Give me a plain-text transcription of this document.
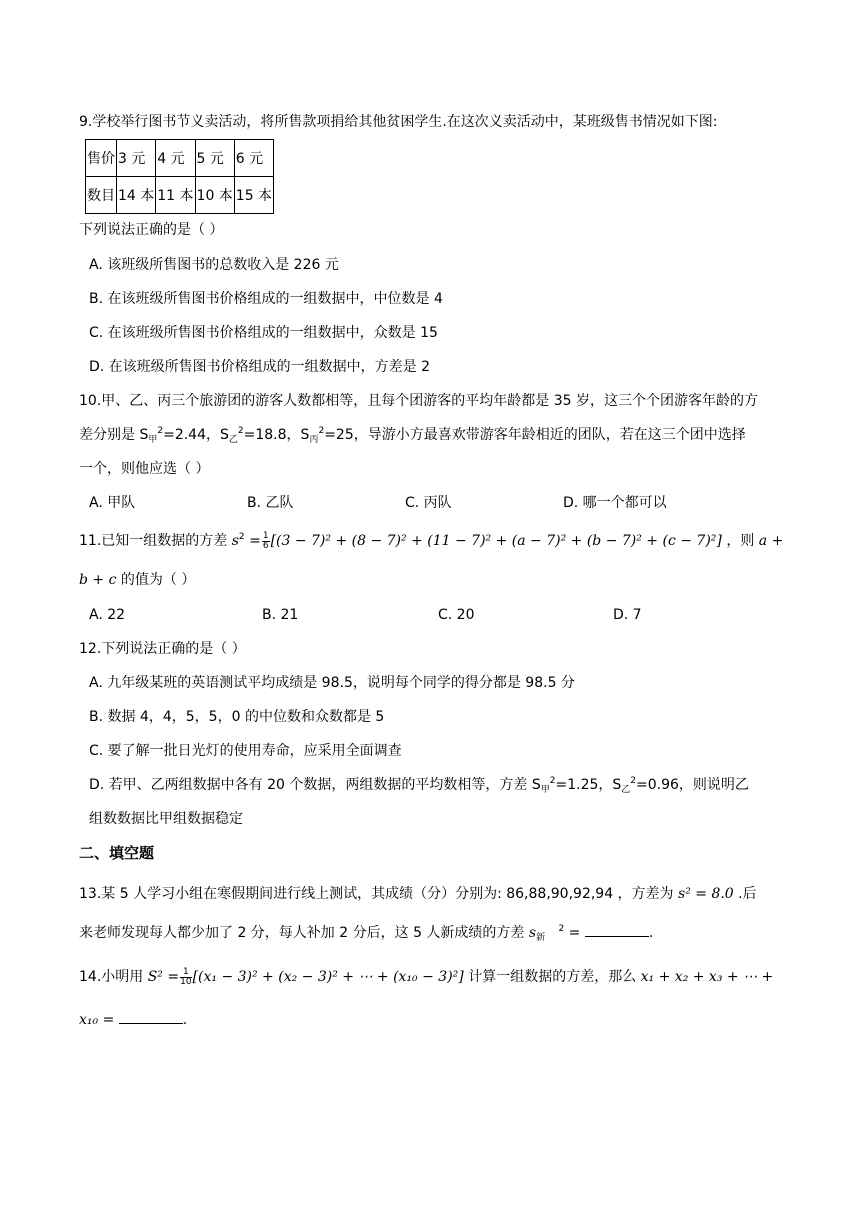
9.学校举行图书节义卖活动，将所售款项捐给其他贫困学生.在这次义卖活动中，某班级售书情况如下图:
售价	3 元	4 元	5 元	6 元
数目	14 本	11 本	10 本	15 本
下列说法正确的是（ ）
A. 该班级所售图书的总数收入是 226 元
B. 在该班级所售图书价格组成的一组数据中，中位数是 4
C. 在该班级所售图书价格组成的一组数据中，众数是 15
D. 在该班级所售图书价格组成的一组数据中，方差是 2
10.甲、乙、丙三个旅游团的游客人数都相等，且每个团游客的平均年龄都是 35 岁，这三个个团游客年龄的方
差分别是 $S_甲^2=2.44$，$S_乙^2=18.8$，$S_丙^2=25$，导游小方最喜欢带游客年龄相近的团队，若在这三个团中选择
一个，则他应选（ ）
A. 甲队	B. 乙队	C. 丙队	D. 哪一个都可以
11.已知一组数据的方差 $s^2 = \frac{1}{6} [(3 - 7)^2 + (8 - 7)^2 + (11 - 7)^2 + (a - 7)^2 + (b - 7)^2 + (c - 7)^2]$ ，则 a +
b + c 的值为（ ）
A. 22	B. 21	C. 20	D. 7
12.下列说法正确的是（ ）
A. 九年级某班的英语测试平均成绩是 98.5，说明每个同学的得分都是 98.5 分
B. 数据 4，4，5，5，0 的中位数和众数都是 5
C. 要了解一批日光灯的使用寿命，应采用全面调查
D. 若甲、乙两组数据中各有 20 个数据，两组数据的平均数相等，方差 $S_甲^2=1.25$，$S_乙^2=0.96$，则说明乙
组数数据比甲组数据稳定
二、填空题
13.某 5 人学习小组在寒假期间进行线上测试，其成绩（分）分别为: 86,88,90,92,94 ，方差为 s² = 8.0 .后
来老师发现每人都少加了 2 分，每人补加 2 分后，这 5 人新成绩的方差 $s_新$   $^2$ =	.
14.小明用 $S^2 = \frac{1}{10} [(x_1 - 3)^2 + (x_2 - 3)^2$ + ⋯ + (x₁₀ − 3)²] 计算一组数据的方差，那么 x₁ + x₂ + x₃ + ⋯ +
x₁₀ =	.
